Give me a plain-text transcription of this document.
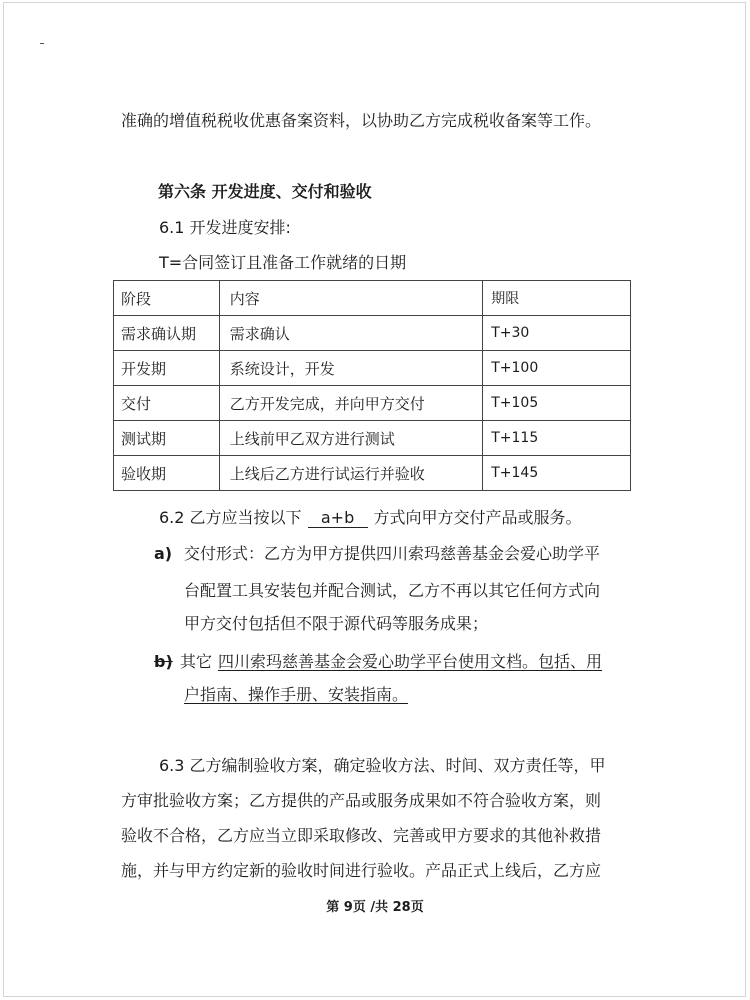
准确的增值税税收优惠备案资料，以协助乙方完成税收备案等工作。
第六条 开发进度、交付和验收
6.1 开发进度安排:
T=合同签订且准备工作就绪的日期
阶段	内容	期限
需求确认期	需求确认	T+30
开发期	系统设计，开发	T+100
交付	乙方开发完成，并向甲方交付	T+105
测试期	上线前甲乙双方进行测试	T+115
验收期	上线后乙方进行试运行并验收	T+145
6.2 乙方应当按以下 a+b 方式向甲方交付产品或服务。
a) 交付形式：乙方为甲方提供四川索玛慈善基金会爱心助学平
台配置工具安装包并配合测试，乙方不再以其它任何方式向
甲方交付包括但不限于源代码等服务成果；
b) 其它 四川索玛慈善基金会爱心助学平台使用文档。包括、用
户指南、操作手册、安装指南。
6.3 乙方编制验收方案，确定验收方法、时间、双方责任等，甲
方审批验收方案；乙方提供的产品或服务成果如不符合验收方案，则
验收不合格，乙方应当立即采取修改、完善或甲方要求的其他补救措
施，并与甲方约定新的验收时间进行验收。产品正式上线后，乙方应
第 9页 /共 28页
